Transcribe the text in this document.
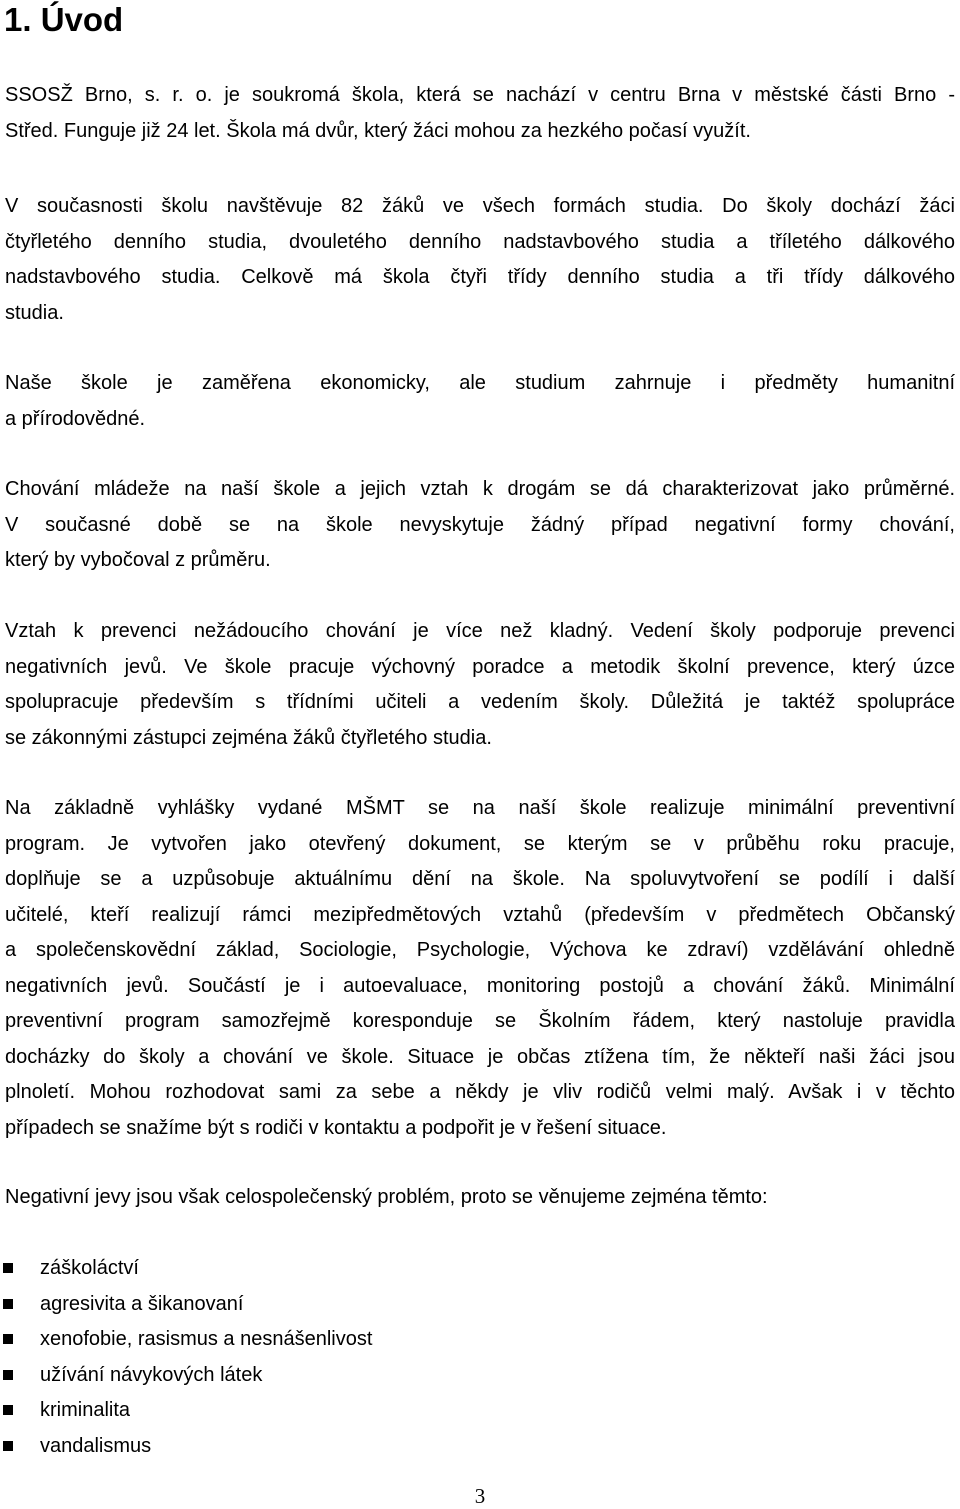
1. Úvod
SSOSŽ Brno, s. r. o. je soukromá škola, která se nachází v centru Brna v městské části Brno -
Střed. Funguje již 24 let. Škola má dvůr, který žáci mohou za hezkého počasí využít.
V současnosti školu navštěvuje 82 žáků ve všech formách studia. Do školy dochází žáci
čtyřletého denního studia, dvouletého denního nadstavbového studia a tříletého dálkového
nadstavbového studia. Celkově má škola čtyři třídy denního studia a tři třídy dálkového
studia.
Naše škole je zaměřena ekonomicky, ale studium zahrnuje i předměty humanitní
a přírodovědné.
Chování mládeže na naší škole a jejich vztah k drogám se dá charakterizovat jako průměrné.
V současné době se na škole nevyskytuje žádný případ negativní formy chování,
který by vybočoval z průměru.
Vztah k prevenci nežádoucího chování je více než kladný. Vedení školy podporuje prevenci
negativních jevů. Ve škole pracuje výchovný poradce a metodik školní prevence, který úzce
spolupracuje především s třídními učiteli a vedením školy. Důležitá je taktéž spolupráce
se zákonnými zástupci zejména žáků čtyřletého studia.
Na základně vyhlášky vydané MŠMT se na naší škole realizuje minimální preventivní
program. Je vytvořen jako otevřený dokument, se kterým se v průběhu roku pracuje,
doplňuje se a uzpůsobuje aktuálnímu dění na škole. Na spoluvytvoření se podílí i další
učitelé, kteří realizují rámci mezipředmětových vztahů (především v předmětech Občanský
a společenskovědní základ, Sociologie, Psychologie, Výchova ke zdraví) vzdělávání ohledně
negativních jevů. Součástí je i autoevaluace, monitoring postojů a chování žáků. Minimální
preventivní program samozřejmě koresponduje se Školním řádem, který nastoluje pravidla
docházky do školy a chování ve škole. Situace je občas ztížena tím, že někteří naši žáci jsou
plnoletí. Mohou rozhodovat sami za sebe a někdy je vliv rodičů velmi malý. Avšak i v těchto
případech se snažíme být s rodiči v kontaktu a podpořit je v řešení situace.
Negativní jevy jsou však celospolečenský problém, proto se věnujeme zejména těmto:
záškoláctví
agresivita a šikanovaní
xenofobie, rasismus a nesnášenlivost
užívání návykových látek
kriminalita
vandalismus
3
